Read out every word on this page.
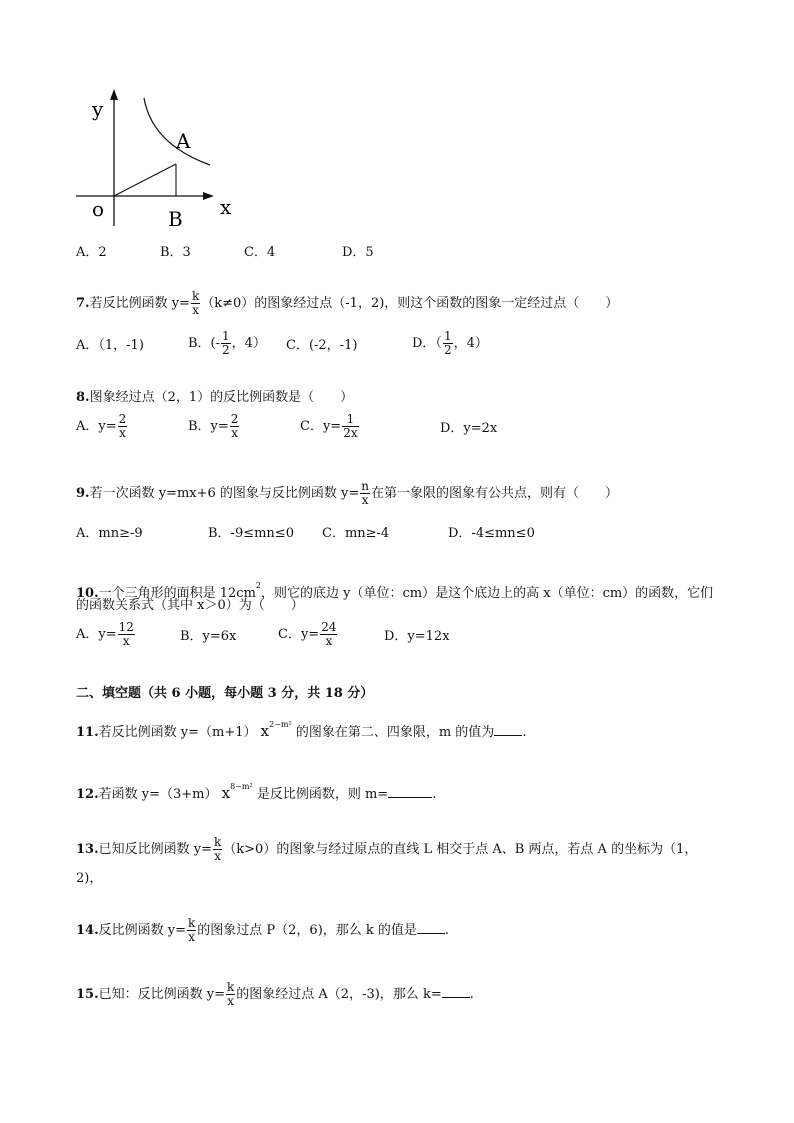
y
x
o
A
B
A．2	B．3	C．4	D．5
7.若反比例函数 $y= \frac{k}{x} (k\ne 0)$的图象经过点（-1，2)，则这个函数的图象一定经过点（　　）
A．（1，-1)	B．(- $\frac{1}{2}$ ，4） C．(-2，-1)	D．（ $\frac{1}{2}$ ，4）
8.图象经过点（2，1）的反比例函数是（　　）
A．$y= \frac{2}{x}$	B．$y= \frac{2}{x}$	C．$y= \frac{1}{2x}$	D．y=2x
9.若一次函数 y=mx+6 的图象与反比例函数 $y= \frac{n}{x}$ 在第一象限的图象有公共点，则有（　　）
A．mn≥-9	B．-9≤mn≤0 C．mn≥-4	D．-4≤mn≤0
10.一个三角形的面积是 $12cm^2$，则它的底边 y（单位：cm）是这个底边上的高 x（单位：cm）的函数，它们
的函数关系式（其中 x＞0）为（　　）
A．$y= \frac{12}{x}$	B．y=6x	C．$y= \frac{24}{x}$	D．y=12x
二、填空题（共 6 小题，每小题 3 分，共 18 分）
11.若反比例函数 y=（m+1） $x^{2-m^2}$ 的图象在第二、四象限，m 的值为 .
12.若函数 y=（3+m） $x^{8-m^2}$ 是反比例函数，则 m=	.
13.已知反比例函数 $y= \frac{k}{x} (k>0)$的图象与经过原点的直线 L 相交于点 A、B 两点，若点 A 的坐标为（1，
2)，
14.反比例函数 $y= \frac{k}{x}$ 的图象过点 P（2，6)，那么 k 的值是 .
15.已知：反比例函数 $y= \frac{k}{x}$ 的图象经过点 A（2，-3)，那么 k= .
